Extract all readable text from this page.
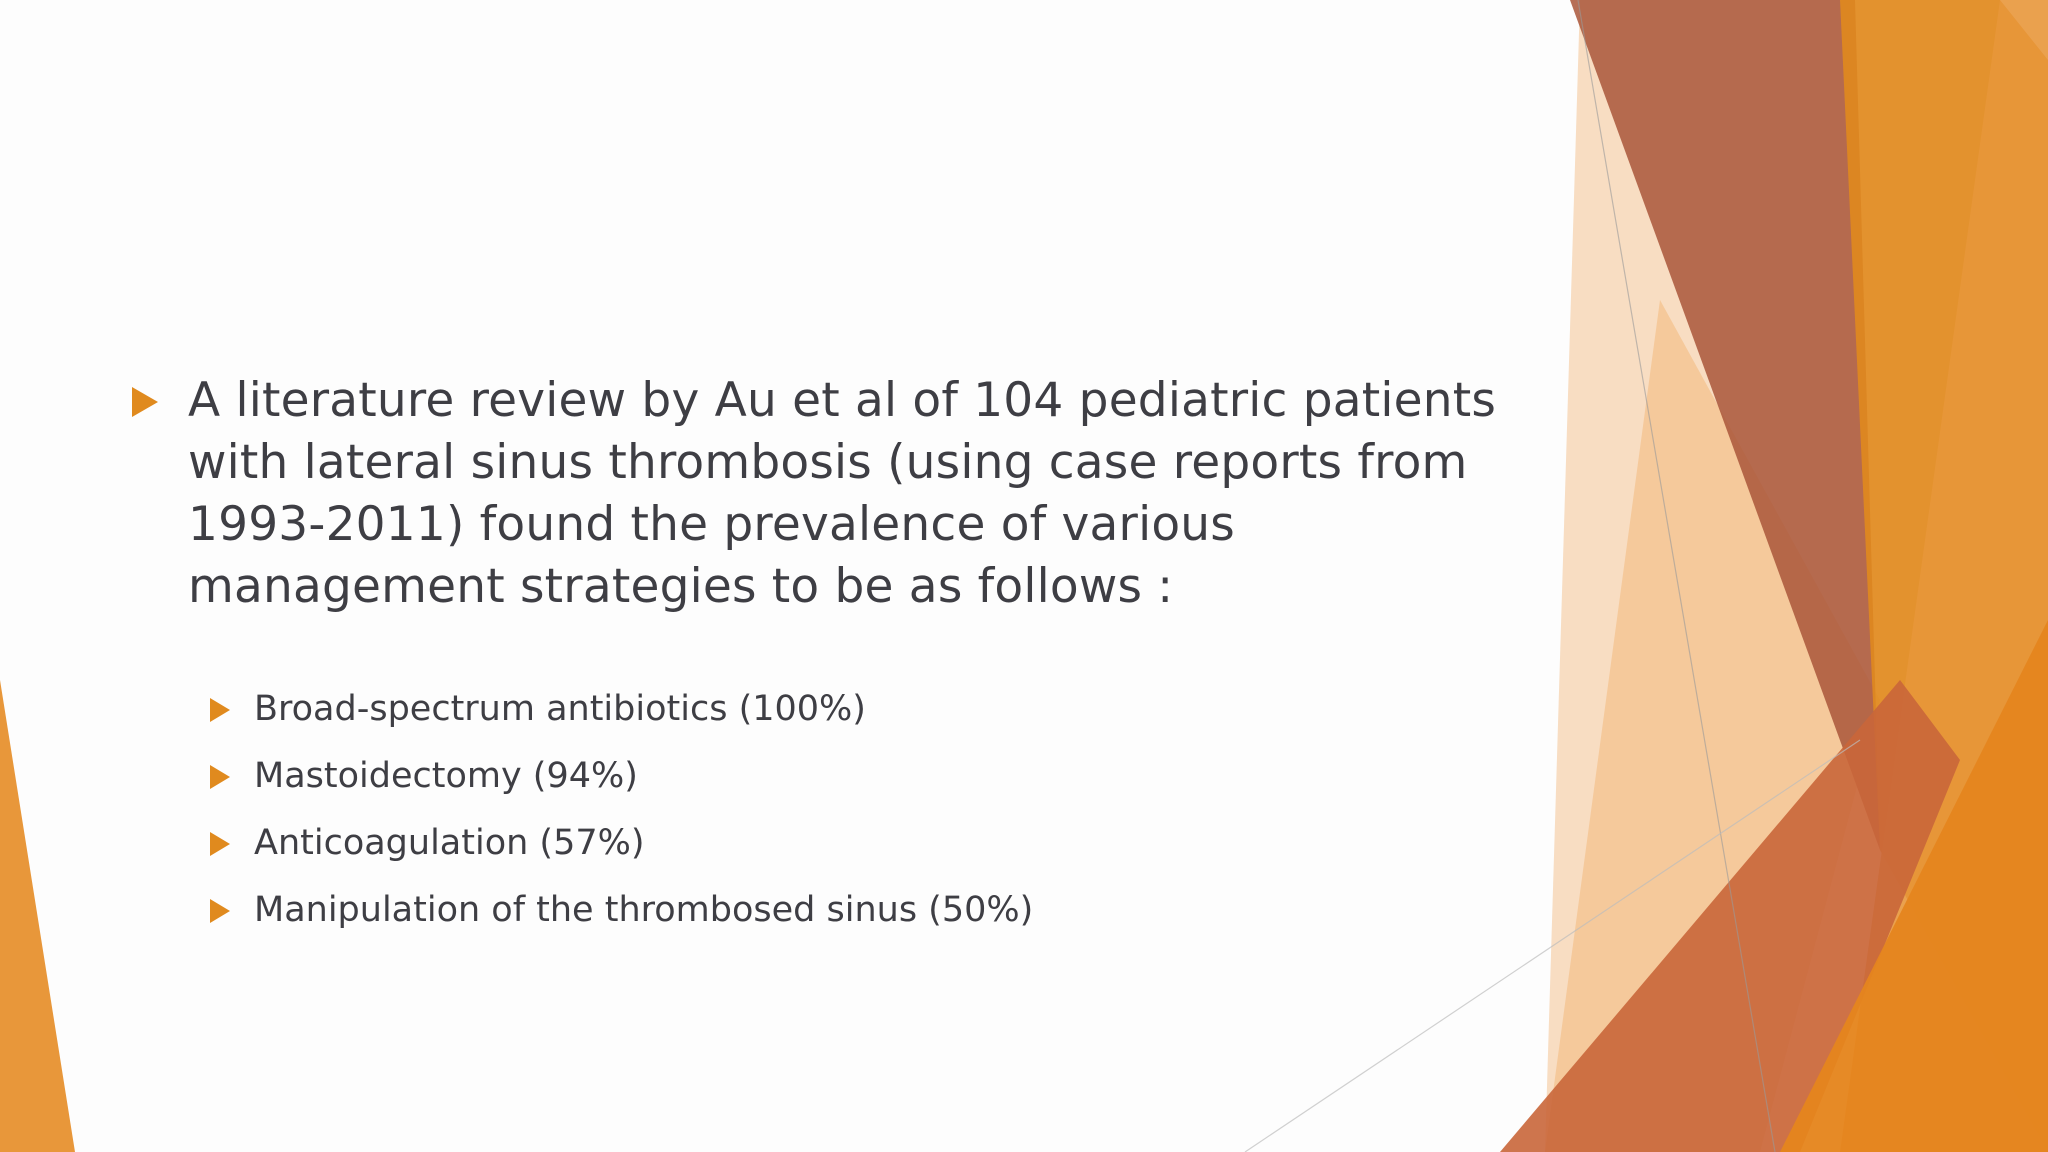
A literature review by Au et al of 104 pediatric patients with lateral sinus thrombosis (using case reports from 1993-2011) found the prevalence of various management strategies to be as follows :
Broad-spectrum antibiotics (100%)
Mastoidectomy (94%)
Anticoagulation (57%)
Manipulation of the thrombosed sinus (50%)
